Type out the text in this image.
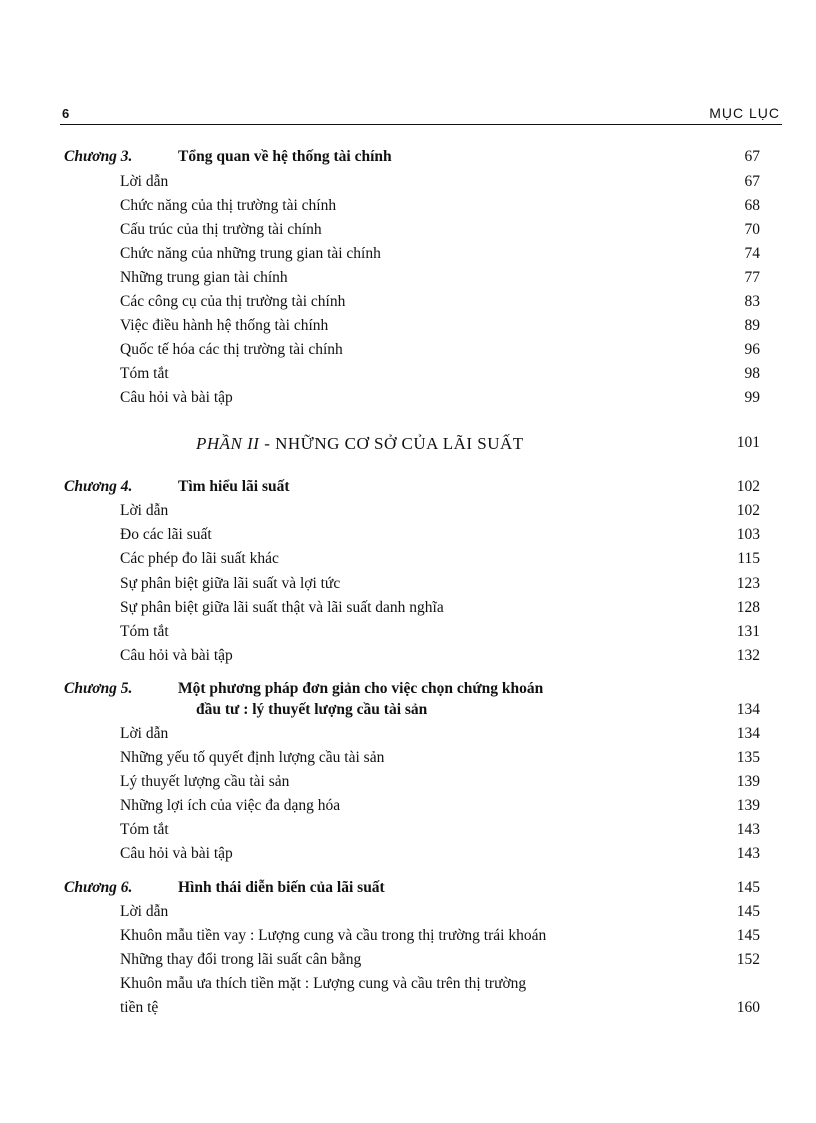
6	MỤC LỤC
Chương 3.	Tổng quan về hệ thống tài chính	67
Lời dẫn	67
Chức năng của thị trường tài chính	68
Cấu trúc của thị trường tài chính	70
Chức năng của những trung gian tài chính	74
Những trung gian tài chính	77
Các công cụ của thị trường tài chính	83
Việc điều hành hệ thống tài chính	89
Quốc tế hóa các thị trường tài chính	96
Tóm tắt	98
Câu hỏi và bài tập	99
PHẦN II - NHỮNG CƠ SỞ CỦA LÃI SUẤT	101
Chương 4.	Tìm hiểu lãi suất	102
Lời dẫn	102
Đo các lãi suất	103
Các phép đo lãi suất khác	115
Sự phân biệt giữa lãi suất và lợi tức	123
Sự phân biệt giữa lãi suất thật và lãi suất danh nghĩa	128
Tóm tắt	131
Câu hỏi và bài tập	132
Chương 5.	Một phương pháp đơn giản cho việc chọn chứng khoán
đầu tư : lý thuyết lượng cầu tài sản	134
Lời dẫn	134
Những yếu tố quyết định lượng cầu tài sản	135
Lý thuyết lượng cầu tài sản	139
Những lợi ích của việc đa dạng hóa	139
Tóm tắt	143
Câu hỏi và bài tập	143
Chương 6.	Hình thái diễn biến của lãi suất	145
Lời dẫn	145
Khuôn mẫu tiền vay : Lượng cung và cầu trong thị trường trái khoán	145
Những thay đổi trong lãi suất cân bằng	152
Khuôn mẫu ưa thích tiền mặt : Lượng cung và cầu trên thị trường
tiền tệ	160
